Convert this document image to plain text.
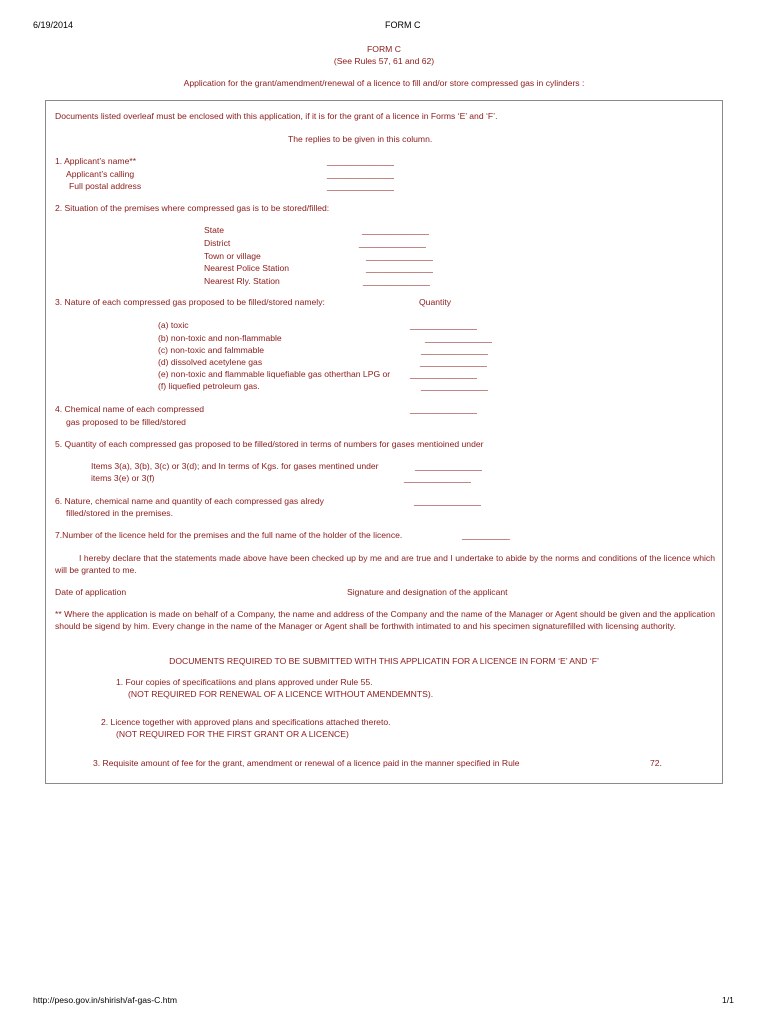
6/19/2014	FORM C
FORM C
(See Rules 57, 61 and 62)
Application for the grant/amendment/renewal of a licence to fill and/or store compressed gas in cylinders :
Documents listed overleaf must be enclosed with this application, if it is for the grant of a licence in Forms ‘E’ and ‘F’.
The replies to be given in this column.
1. Applicant’s name**	______________
Applicant’s calling	______________
Full postal address	______________
2. Situation of the premises where compressed gas is to be stored/filled:
State	______________
District	______________
Town or village	______________
Nearest Police Station	______________
Nearest Rly. Station	______________
3. Nature of each compressed gas proposed to be filled/stored namely:	Quantity
(a) toxic	______________
(b) non-toxic and non-flammable	______________
(c) non-toxic and falmmable	______________
(d) dissolved acetylene gas	______________
(e) non-toxic and flammable liquefiable gas otherthan LPG or ______________
(f) liquefied petroleum gas.	______________
4. Chemical name of each compressed	______________
gas proposed to be filled/stored
5. Quantity of each compressed gas proposed to be filled/stored in terms of numbers for gases mentioined under
Items 3(a), 3(b), 3(c) or 3(d); and In terms of Kgs. for gases mentined under	______________
items 3(e) or 3(f)	______________
6. Nature, chemical name and quantity of each compressed gas alredy	______________
filled/stored in the premises.
7.Number of the licence held for the premises and the full name of the holder of the licence.	__________
I hereby declare that the statements made above have been checked up by me and are true and I undertake to abide by the norms and conditions of the licence which will be granted to me.
Date of application	Signature and designation of the applicant
** Where the application is made on behalf of a Company, the name and address of the Company and the name of the Manager or Agent should be given and the application should be sigend by him. Every change in the name of the Manager or Agent shall be forthwith intimated to and his specimen signaturefilled with licensing authority.
DOCUMENTS REQUIRED TO BE SUBMITTED WITH THIS APPLICATIN FOR A LICENCE IN FORM ‘E’ AND ‘F’
1. Four copies of specificatiions and plans approved under Rule 55.
(NOT REQUIRED FOR RENEWAL OF A LICENCE WITHOUT AMENDEMNTS).
2. Licence together with approved plans and specifications attached thereto.
(NOT REQUIRED FOR THE FIRST GRANT OR A LICENCE)
3. Requisite amount of fee for the grant, amendment or renewal of a licence paid in the manner specified in Rule	72.
http://peso.gov.in/shirish/af-gas-C.htm	1/1
